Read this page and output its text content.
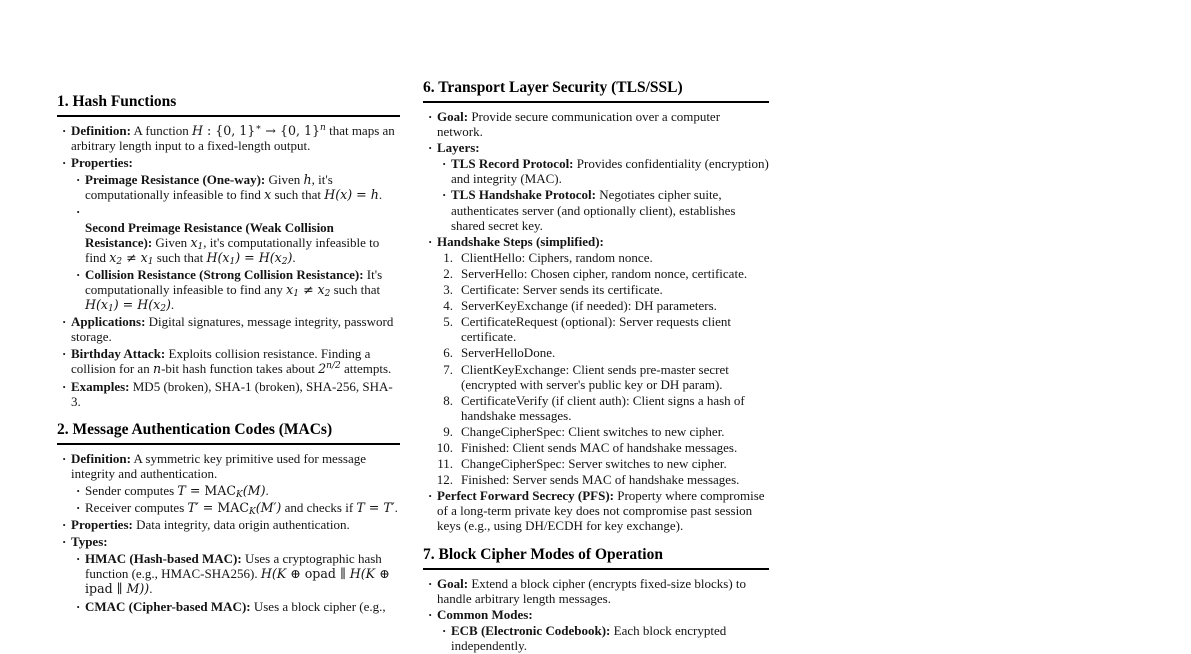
1. Hash Functions
·
Definition: A function H : {0, 1}∗ → {0, 1}$^n$ that maps an arbitrary length input to a fixed-length output.
·
Properties:
·
Preimage Resistance (One-way): Given h, it's computationally infeasible to find x such that H(x) = h.
·

Second Preimage Resistance (Weak Collision Resistance): Given x1, it's computationally infeasible to find x2 ≠ x1 such that H(x1) = H(x2).
·
Collision Resistance (Strong Collision Resistance): It's computationally infeasible to find any x1 ≠ x2 such that H(x1) = H(x2).
·
Applications: Digital signatures, message integrity, password storage.
·
Birthday Attack: Exploits collision resistance. Finding a collision for an n-bit hash function takes about $2^{n/2}$ attempts.
·
Examples: MD5 (broken), SHA-1 (broken), SHA-256, SHA-3.
2. Message Authentication Codes (MACs)
·
Definition: A symmetric key primitive used for message integrity and authentication.
·
Sender computes T = MACK(M).
·
Receiver computes T′ = MACK(M′) and checks if T = T′.
·
Properties: Data integrity, data origin authentication.
·
Types:
·
HMAC (Hash-based MAC): Uses a cryptographic hash function (e.g., HMAC-SHA256). H(K ⊕ opad ∥ H(K ⊕ ipad ∥ M)).
·
CMAC (Cipher-based MAC): Uses a block cipher (e.g.,
6. Transport Layer Security (TLS/SSL)
·
Goal: Provide secure communication over a computer network.
·
Layers:
·
TLS Record Protocol: Provides confidentiality (encryption) and integrity (MAC).
·
TLS Handshake Protocol: Negotiates cipher suite, authenticates server (and optionally client), establishes shared secret key.
·
Handshake Steps (simplified):
1. ClientHello: Ciphers, random nonce.
2. ServerHello: Chosen cipher, random nonce, certificate.
3. Certificate: Server sends its certificate.
4. ServerKeyExchange (if needed): DH parameters.
5. CertificateRequest (optional): Server requests client certificate.
6. ServerHelloDone.
7. ClientKeyExchange: Client sends pre-master secret (encrypted with server's public key or DH param).
8. CertificateVerify (if client auth): Client signs a hash of handshake messages.
9. ChangeCipherSpec: Client switches to new cipher.
10. Finished: Client sends MAC of handshake messages.
11. ChangeCipherSpec: Server switches to new cipher.
12. Finished: Server sends MAC of handshake messages.
·
Perfect Forward Secrecy (PFS): Property where compromise of a long-term private key does not compromise past session keys (e.g., using DH/ECDH for key exchange).
7. Block Cipher Modes of Operation
·
Goal: Extend a block cipher (encrypts fixed-size blocks) to handle arbitrary length messages.
·
Common Modes:
·
ECB (Electronic Codebook): Each block encrypted independently.
